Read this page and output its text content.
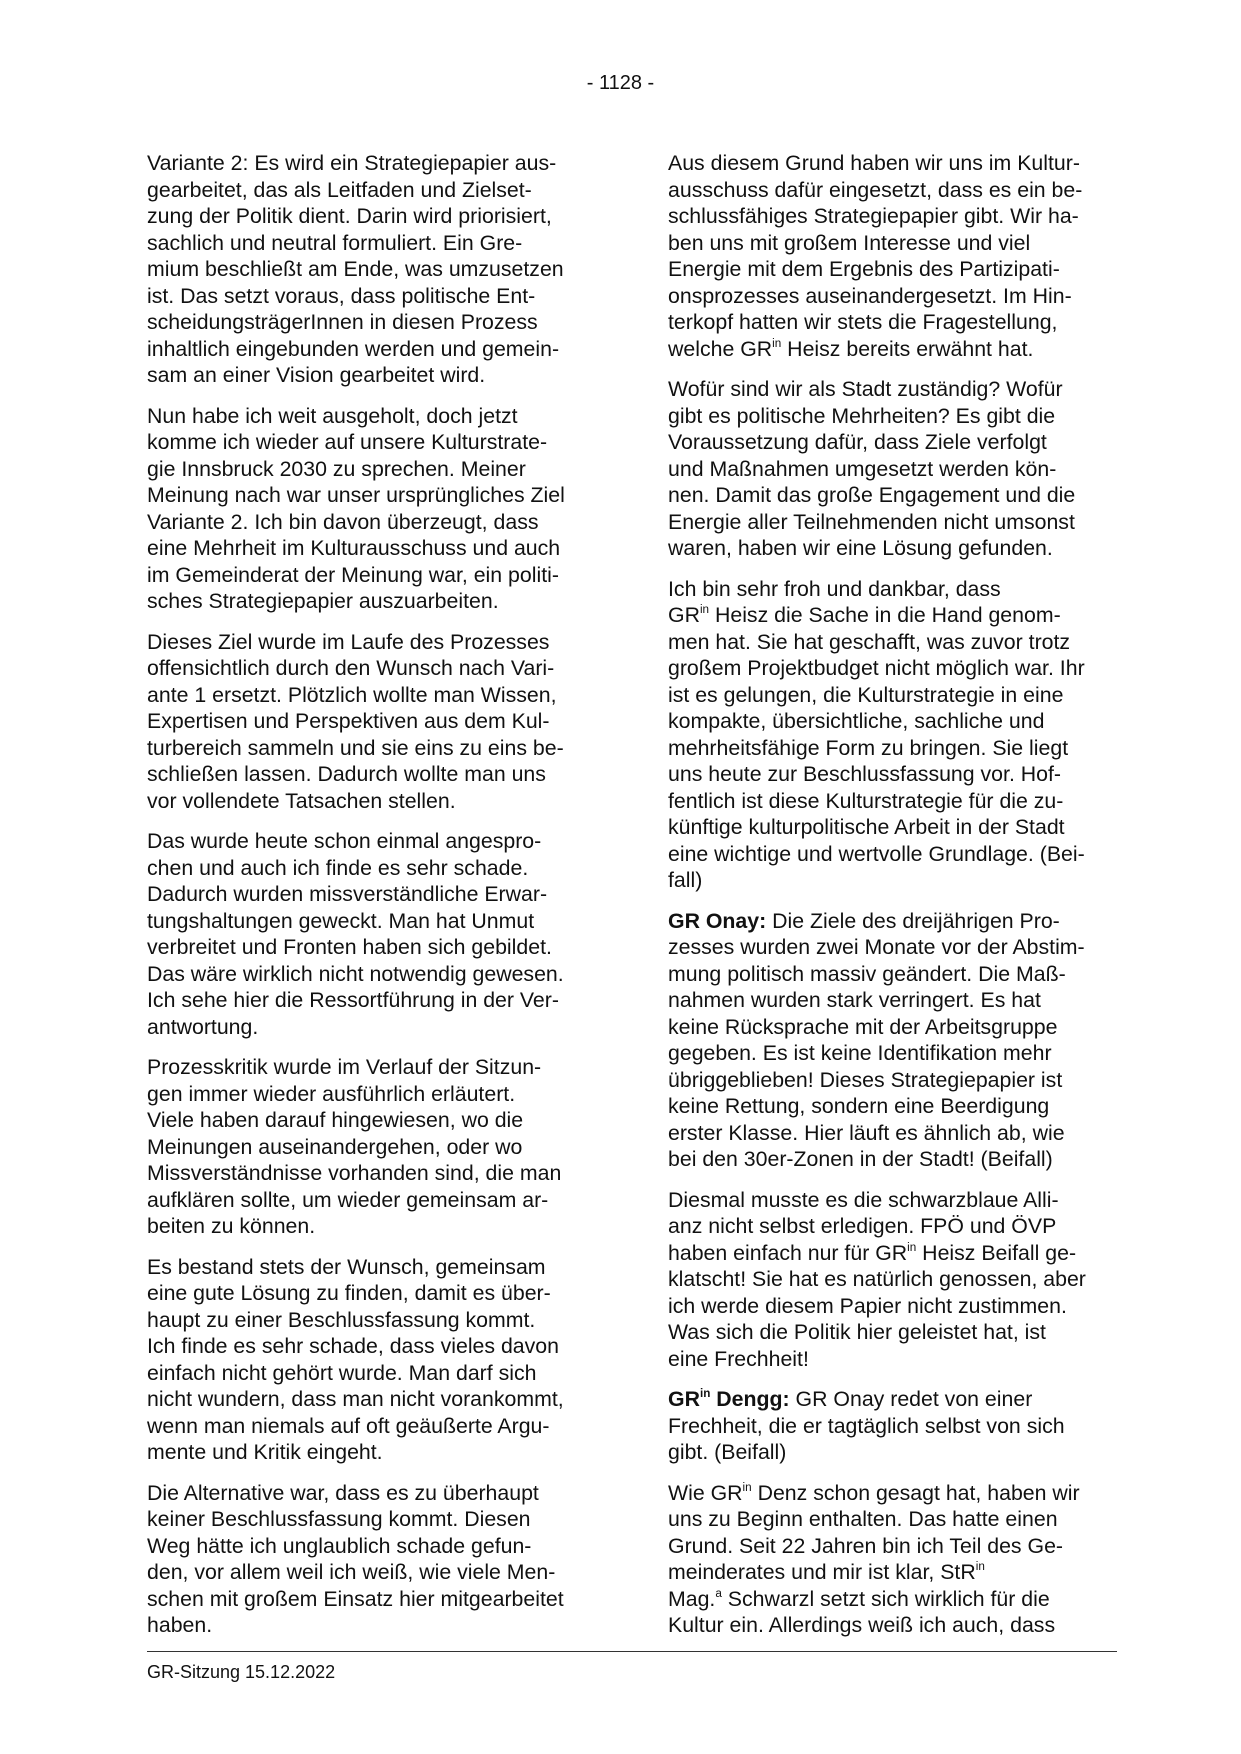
- 1128 -

Variante 2: Es wird ein Strategiepapier aus-
gearbeitet, das als Leitfaden und Zielset-
zung der Politik dient. Darin wird priorisiert,
sachlich und neutral formuliert. Ein Gre-
mium beschließt am Ende, was umzusetzen
ist. Das setzt voraus, dass politische Ent-
scheidungsträgerInnen in diesen Prozess
inhaltlich eingebunden werden und gemein-
sam an einer Vision gearbeitet wird.

Nun habe ich weit ausgeholt, doch jetzt
komme ich wieder auf unsere Kulturstrate-
gie Innsbruck 2030 zu sprechen. Meiner
Meinung nach war unser ursprüngliches Ziel
Variante 2. Ich bin davon überzeugt, dass
eine Mehrheit im Kulturausschuss und auch
im Gemeinderat der Meinung war, ein politi-
sches Strategiepapier auszuarbeiten.

Dieses Ziel wurde im Laufe des Prozesses
offensichtlich durch den Wunsch nach Vari-
ante 1 ersetzt. Plötzlich wollte man Wissen,
Expertisen und Perspektiven aus dem Kul-
turbereich sammeln und sie eins zu eins be-
schließen lassen. Dadurch wollte man uns
vor vollendete Tatsachen stellen.

Das wurde heute schon einmal angespro-
chen und auch ich finde es sehr schade.
Dadurch wurden missverständliche Erwar-
tungshaltungen geweckt. Man hat Unmut
verbreitet und Fronten haben sich gebildet.
Das wäre wirklich nicht notwendig gewesen.
Ich sehe hier die Ressortführung in der Ver-
antwortung.

Prozesskritik wurde im Verlauf der Sitzun-
gen immer wieder ausführlich erläutert.
Viele haben darauf hingewiesen, wo die
Meinungen auseinandergehen, oder wo
Missverständnisse vorhanden sind, die man
aufklären sollte, um wieder gemeinsam ar-
beiten zu können.

Es bestand stets der Wunsch, gemeinsam
eine gute Lösung zu finden, damit es über-
haupt zu einer Beschlussfassung kommt.
Ich finde es sehr schade, dass vieles davon
einfach nicht gehört wurde. Man darf sich
nicht wundern, dass man nicht vorankommt,
wenn man niemals auf oft geäußerte Argu-
mente und Kritik eingeht.

Die Alternative war, dass es zu überhaupt
keiner Beschlussfassung kommt. Diesen
Weg hätte ich unglaublich schade gefun-
den, vor allem weil ich weiß, wie viele Men-
schen mit großem Einsatz hier mitgearbeitet
haben.

Aus diesem Grund haben wir uns im Kultur-
ausschuss dafür eingesetzt, dass es ein be-
schlussfähiges Strategiepapier gibt. Wir ha-
ben uns mit großem Interesse und viel
Energie mit dem Ergebnis des Partizipati-
onsprozesses auseinandergesetzt. Im Hin-
terkopf hatten wir stets die Fragestellung,
welche $GR^{in}$ Heisz bereits erwähnt hat.

Wofür sind wir als Stadt zuständig? Wofür
gibt es politische Mehrheiten? Es gibt die
Voraussetzung dafür, dass Ziele verfolgt
und Maßnahmen umgesetzt werden kön-
nen. Damit das große Engagement und die
Energie aller Teilnehmenden nicht umsonst
waren, haben wir eine Lösung gefunden.

Ich bin sehr froh und dankbar, dass
$GR^{in}$ Heisz die Sache in die Hand genom-
men hat. Sie hat geschafft, was zuvor trotz
großem Projektbudget nicht möglich war. Ihr
ist es gelungen, die Kulturstrategie in eine
kompakte, übersichtliche, sachliche und
mehrheitsfähige Form zu bringen. Sie liegt
uns heute zur Beschlussfassung vor. Hof-
fentlich ist diese Kulturstrategie für die zu-
künftige kulturpolitische Arbeit in der Stadt
eine wichtige und wertvolle Grundlage. (Bei-
fall)

GR Onay: Die Ziele des dreijährigen Pro-
zesses wurden zwei Monate vor der Abstim-
mung politisch massiv geändert. Die Maß-
nahmen wurden stark verringert. Es hat
keine Rücksprache mit der Arbeitsgruppe
gegeben. Es ist keine Identifikation mehr
übriggeblieben! Dieses Strategiepapier ist
keine Rettung, sondern eine Beerdigung
erster Klasse. Hier läuft es ähnlich ab, wie
bei den 30er-Zonen in der Stadt! (Beifall)

Diesmal musste es die schwarzblaue Alli-
anz nicht selbst erledigen. FPÖ und ÖVP
haben einfach nur für $GR^{in}$ Heisz Beifall ge-
klatscht! Sie hat es natürlich genossen, aber
ich werde diesem Papier nicht zustimmen.
Was sich die Politik hier geleistet hat, ist
eine Frechheit!

$GR^{in}$ Dengg: GR Onay redet von einer
Frechheit, die er tagtäglich selbst von sich
gibt. (Beifall)

Wie $GR^{in}$ Denz schon gesagt hat, haben wir
uns zu Beginn enthalten. Das hatte einen
Grund. Seit 22 Jahren bin ich Teil des Ge-
meinderates und mir ist klar, StR$^{in}$
Mag.$^a$ Schwarzl setzt sich wirklich für die
Kultur ein. Allerdings weiß ich auch, dass

GR-Sitzung 15.12.2022
